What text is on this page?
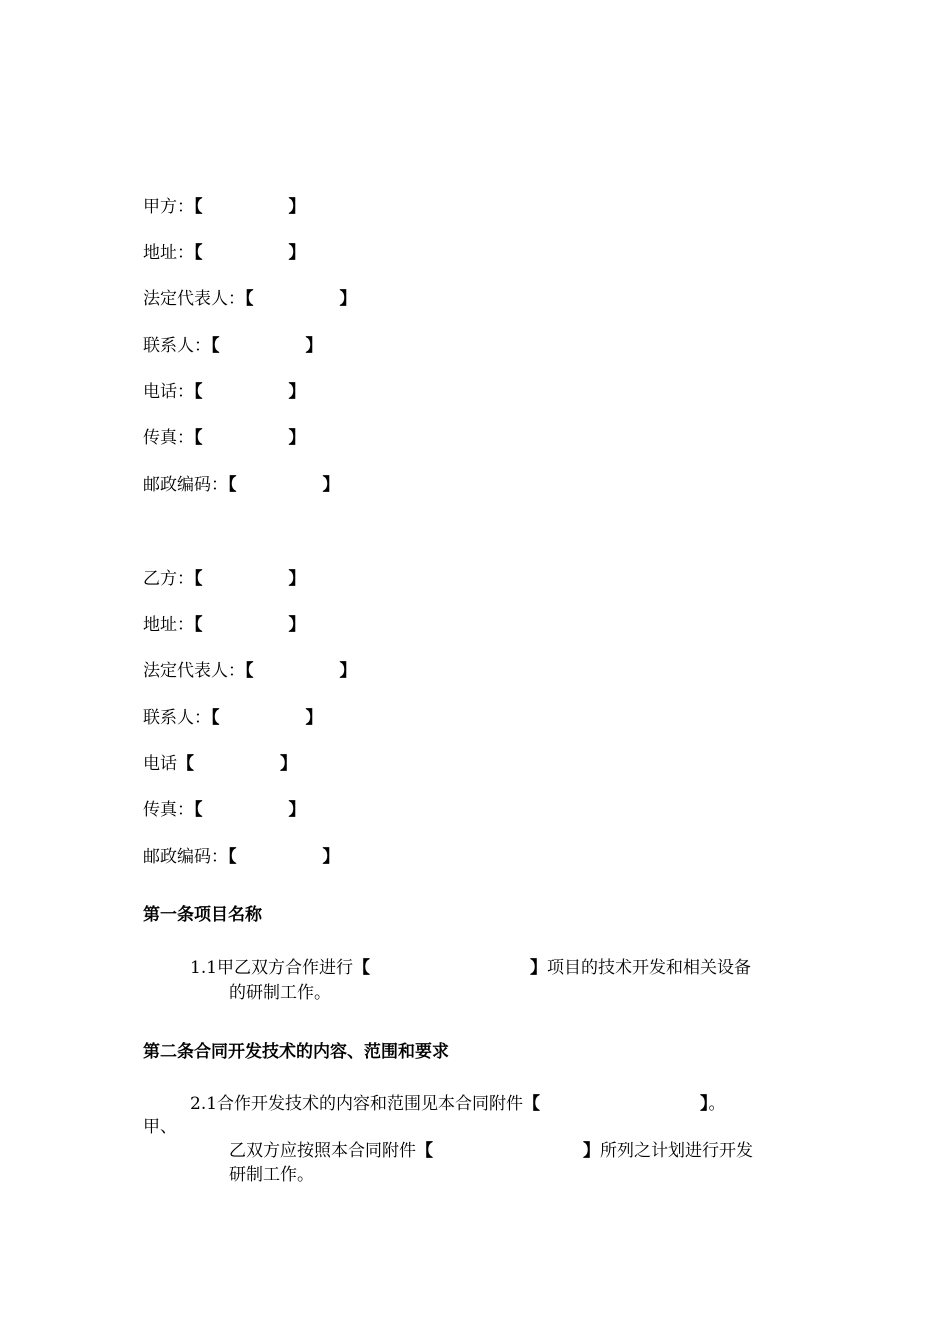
甲方：【	】
地址：【	】
法定代表人：【	】
联系人：【	】
电话：【	】
传真：【	】
邮政编码：【	】
乙方：【	】
地址：【	】
法定代表人：【	】
联系人：【	】
电话【	】
传真：【	】
邮政编码：【	】
第一条项目名称
1.1甲乙双方合作进行【	】项目的技术开发和相关设备
的研制工作。
第二条合同开发技术的内容、范围和要求
2.1合作开发技术的内容和范围见本合同附件【	】。
甲、
乙双方应按照本合同附件【	】所列之计划进行开发
研制工作。
